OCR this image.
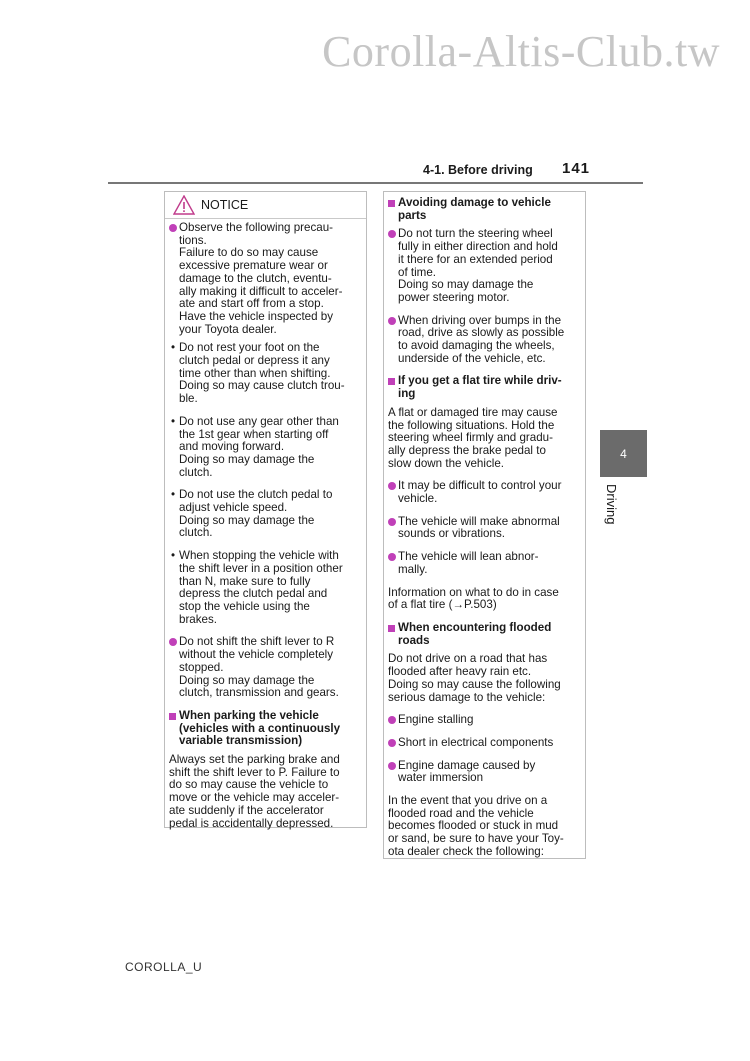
Corolla-Altis-Club.tw
4-1. Before driving 141
4
Driving
COROLLA_U
Observe the following precau-
tions.
Failure to do so may cause
excessive premature wear or
damage to the clutch, eventu-
ally making it difficult to acceler-
ate and start off from a stop.
Have the vehicle inspected by
your Toyota dealer.
• Do not rest your foot on the
clutch pedal or depress it any
time other than when shifting.
Doing so may cause clutch trou-
ble.
• Do not use any gear other than
the 1st gear when starting off
and moving forward.
Doing so may damage the
clutch.
• Do not use the clutch pedal to
adjust vehicle speed.
Doing so may damage the
clutch.
• When stopping the vehicle with
the shift lever in a position other
than N, make sure to fully
depress the clutch pedal and
stop the vehicle using the
brakes.
Do not shift the shift lever to R
without the vehicle completely
stopped.
Doing so may damage the
clutch, transmission and gears.
When parking the vehicle
(vehicles with a continuously
variable transmission)
Always set the parking brake and
shift the shift lever to P. Failure to
do so may cause the vehicle to
move or the vehicle may acceler-
ate suddenly if the accelerator
pedal is accidentally depressed.
NOTICE	Avoiding damage to vehicle
parts
Do not turn the steering wheel
fully in either direction and hold
it there for an extended period
of time.
Doing so may damage the
power steering motor.
When driving over bumps in the
road, drive as slowly as possible
to avoid damaging the wheels,
underside of the vehicle, etc.
If you get a flat tire while driv-
ing
A flat or damaged tire may cause
the following situations. Hold the
steering wheel firmly and gradu-
ally depress the brake pedal to
slow down the vehicle.
It may be difficult to control your
vehicle.
The vehicle will make abnormal
sounds or vibrations.
The vehicle will lean abnor-
mally.
Information on what to do in case
of a flat tire (→P.503)
When encountering flooded
roads
Do not drive on a road that has
flooded after heavy rain etc.
Doing so may cause the following
serious damage to the vehicle:
Engine stalling
Short in electrical components
Engine damage caused by
water immersion
In the event that you drive on a
flooded road and the vehicle
becomes flooded or stuck in mud
or sand, be sure to have your Toy-
ota dealer check the following:
